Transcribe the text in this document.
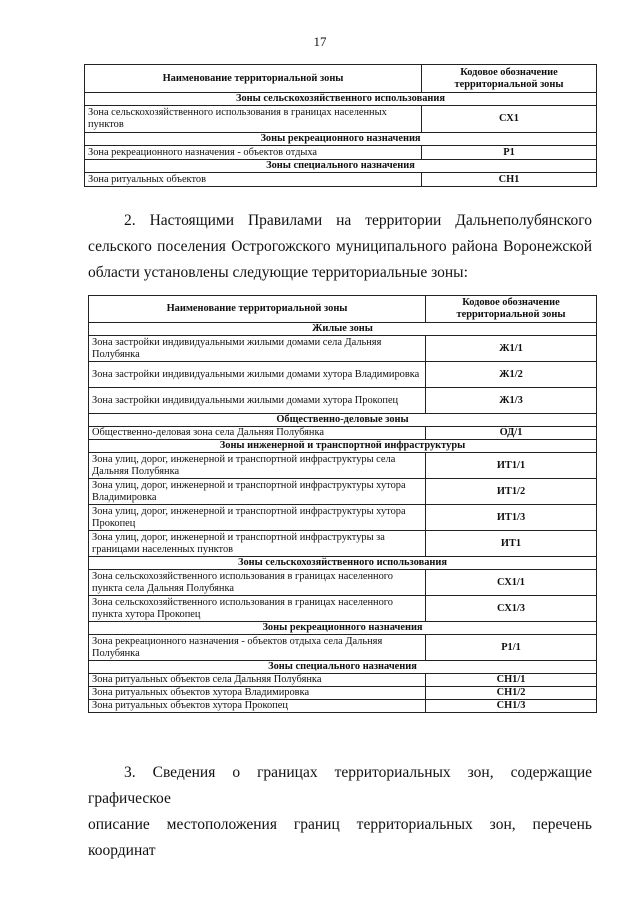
17
Наименование территориальной зоны	Кодовое обозначение территориальной зоны
Зоны сельскохозяйственного использования	
Зона сельскохозяйственного использования в границах населенных пунктов	СХ1
Зоны рекреационного назначения	
Зона рекреационного назначения - объектов отдыха	Р1
Зоны специального назначения	
Зона ритуальных объектов	СН1

2. Настоящими Правилами на территории Дальнеполубянского
сельского поселения Острогожского муниципального района Воронежской
области установлены следующие территориальные зоны:

Наименование территориальной зоны	Кодовое обозначение территориальной зоны
Жилые зоны	
Зона застройки индивидуальными жилыми домами села Дальняя Полубянка	Ж1/1
Зона застройки индивидуальными жилыми домами хутора Владимировка	Ж1/2
Зона застройки индивидуальными жилыми домами хутора Прокопец	Ж1/3
Общественно-деловые зоны	
Общественно-деловая зона села Дальняя Полубянка	ОД/1
Зоны инженерной и транспортной инфраструктуры	
Зона улиц, дорог, инженерной и транспортной инфраструктуры села Дальняя Полубянка	ИТ1/1
Зона улиц, дорог, инженерной и транспортной инфраструктуры хутора Владимировка	ИТ1/2
Зона улиц, дорог, инженерной и транспортной инфраструктуры хутора Прокопец	ИТ1/3
Зона улиц, дорог, инженерной и транспортной инфраструктуры за границами населенных пунктов	ИТ1
Зоны сельскохозяйственного использования	
Зона сельскохозяйственного использования в границах населенного пункта села Дальняя Полубянка	СХ1/1
Зона сельскохозяйственного использования в границах населенного пункта хутора Прокопец	СХ1/3
Зоны рекреационного назначения	
Зона рекреационного назначения - объектов отдыха села Дальняя Полубянка	Р1/1
Зоны специального назначения	
Зона ритуальных объектов села Дальняя Полубянка	СН1/1
Зона ритуальных объектов хутора Владимировка	СН1/2
Зона ритуальных объектов хутора Прокопец	СН1/3

3. Сведения о границах территориальных зон, содержащие графическое
описание местоположения границ территориальных зон, перечень координат
